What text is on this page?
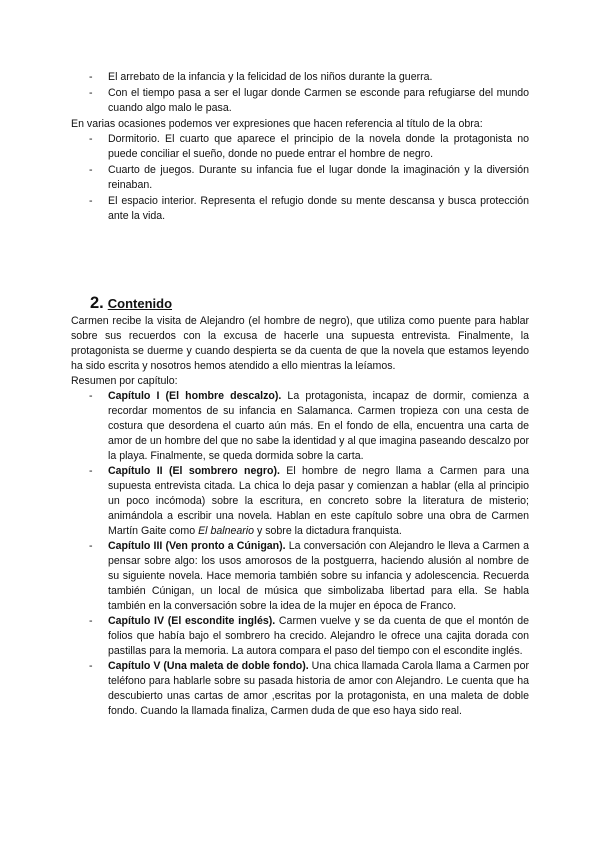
- El arrebato de la infancia y la felicidad de los niños durante la guerra.
- Con el tiempo pasa a ser el lugar donde Carmen se esconde para refugiarse del mundo cuando algo malo le pasa.

En varias ocasiones podemos ver expresiones que hacen referencia al título de la obra:

- Dormitorio. El cuarto que aparece el principio de la novela donde la protagonista no puede conciliar el sueño, donde no puede entrar el hombre de negro.
- Cuarto de juegos. Durante su infancia fue el lugar donde la imaginación y la diversión reinaban.
- El espacio interior. Representa el refugio donde su mente descansa y busca protección ante la vida.
2. Contenido

Carmen recibe la visita de Alejandro (el hombre de negro), que utiliza como puente para hablar sobre sus recuerdos con la excusa de hacerle una supuesta entrevista. Finalmente, la protagonista se duerme y cuando despierta se da cuenta de que la novela que estamos leyendo ha sido escrita y nosotros hemos atendido a ello mientras la leíamos.

Resumen por capítulo:

- Capítulo I (El hombre descalzo). La protagonista, incapaz de dormir, comienza a recordar momentos de su infancia en Salamanca. Carmen tropieza con una cesta de costura que desordena el cuarto aún más. En el fondo de ella, encuentra una carta de amor de un hombre del que no sabe la identidad y al que imagina paseando descalzo por la playa. Finalmente, se queda dormida sobre la carta.
- Capítulo II (El sombrero negro). El hombre de negro llama a Carmen para una supuesta entrevista citada. La chica lo deja pasar y comienzan a hablar (ella al principio un poco incómoda) sobre la escritura, en concreto sobre la literatura de misterio; animándola a escribir una novela. Hablan en este capítulo sobre una obra de Carmen Martín Gaite como El balneario y sobre la dictadura franquista.
- Capítulo III (Ven pronto a Cúnigan). La conversación con Alejandro le lleva a Carmen a pensar sobre algo: los usos amorosos de la postguerra, haciendo alusión al nombre de su siguiente novela. Hace memoria también sobre su infancia y adolescencia. Recuerda también Cúnigan, un local de música que simbolizaba libertad para ella. Se habla también en la conversación sobre la idea de la mujer en época de Franco.
- Capítulo IV (El escondite inglés). Carmen vuelve y se da cuenta de que el montón de folios que había bajo el sombrero ha crecido. Alejandro le ofrece una cajita dorada con pastillas para la memoria. La autora compara el paso del tiempo con el escondite inglés.
- Capítulo V (Una maleta de doble fondo). Una chica llamada Carola llama a Carmen por teléfono para hablarle sobre su pasada historia de amor con Alejandro. Le cuenta que ha descubierto unas cartas de amor ,escritas por la protagonista, en una maleta de doble fondo. Cuando la llamada finaliza, Carmen duda de que eso haya sido real.
